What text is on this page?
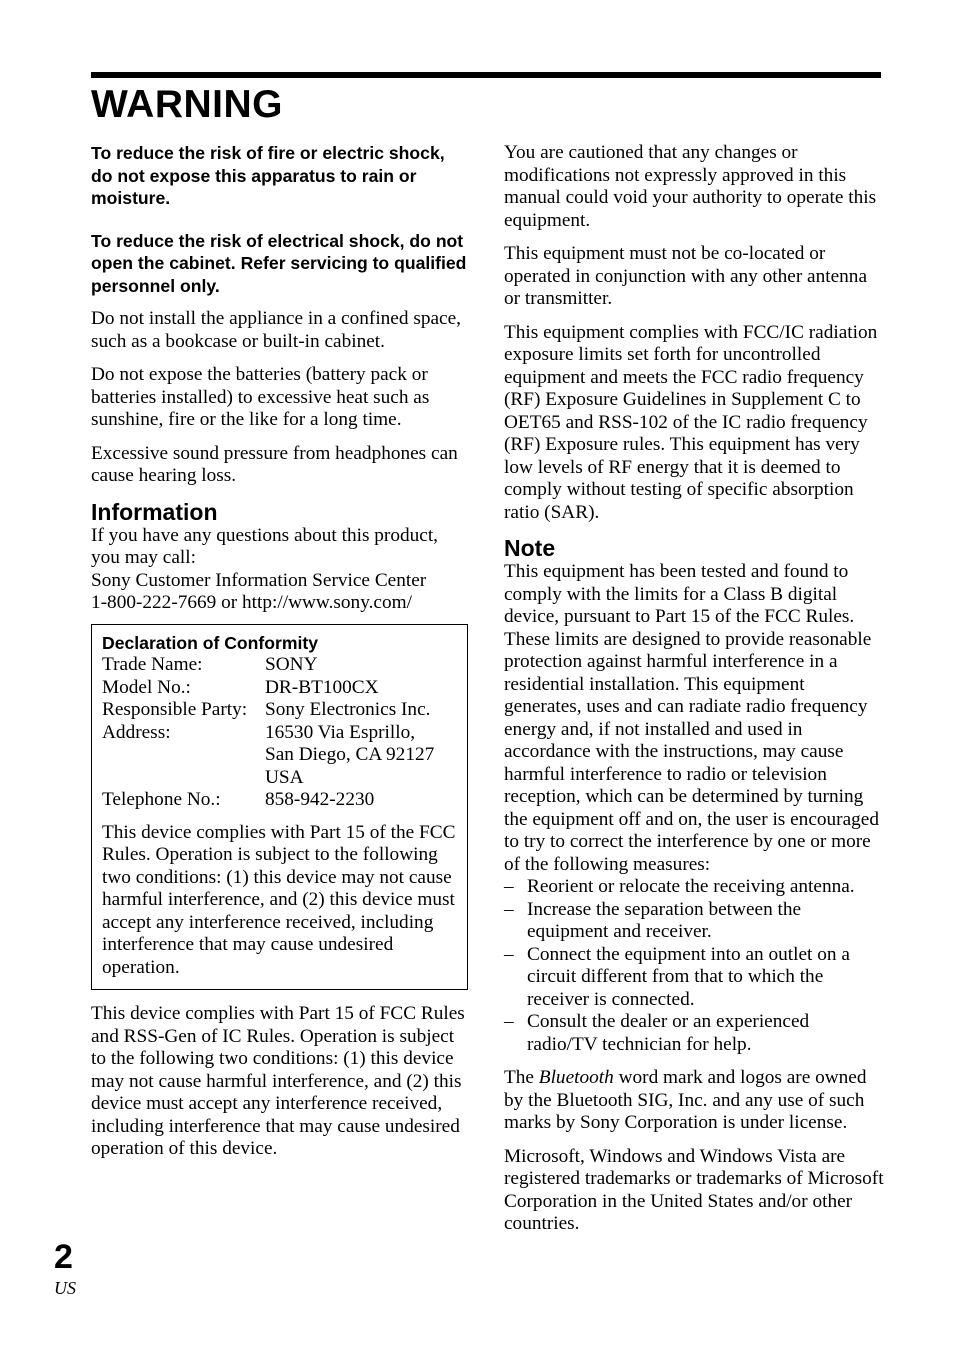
WARNING

To reduce the risk of fire or electric shock, do not expose this apparatus to rain or moisture.

To reduce the risk of electrical shock, do not open the cabinet. Refer servicing to qualified personnel only.

Do not install the appliance in a confined space, such as a bookcase or built-in cabinet.

Do not expose the batteries (battery pack or batteries installed) to excessive heat such as sunshine, fire or the like for a long time.

Excessive sound pressure from headphones can cause hearing loss.

Information

If you have any questions about this product, you may call:

Sony Customer Information Service Center

1-800-222-7669 or http://www.sony.com/

Declaration of Conformity
Trade Name:	SONY
Model No.:	DR-BT100CX
Responsible Party: Sony Electronics Inc.
Address:	16530 Via Esprillo,
San Diego, CA 92127
USA
Telephone No.:	858-942-2230

This device complies with Part 15 of the FCC Rules. Operation is subject to the following two conditions: (1) this device may not cause harmful interference, and (2) this device must accept any interference received, including interference that may cause undesired operation.

This device complies with Part 15 of FCC Rules and RSS-Gen of IC Rules. Operation is subject to the following two conditions: (1) this device may not cause harmful interference, and (2) this device must accept any interference received, including interference that may cause undesired operation of this device.

You are cautioned that any changes or modifications not expressly approved in this manual could void your authority to operate this equipment.

This equipment must not be co-located or operated in conjunction with any other antenna or transmitter.

This equipment complies with FCC/IC radiation exposure limits set forth for uncontrolled equipment and meets the FCC radio frequency (RF) Exposure Guidelines in Supplement C to OET65 and RSS-102 of the IC radio frequency (RF) Exposure rules. This equipment has very low levels of RF energy that it is deemed to comply without testing of specific absorption ratio (SAR).

Note

This equipment has been tested and found to comply with the limits for a Class B digital device, pursuant to Part 15 of the FCC Rules. These limits are designed to provide reasonable protection against harmful interference in a residential installation. This equipment generates, uses and can radiate radio frequency energy and, if not installed and used in accordance with the instructions, may cause harmful interference to radio or television reception, which can be determined by turning the equipment off and on, the user is encouraged to try to correct the interference by one or more of the following measures:

– Reorient or relocate the receiving antenna.
– Increase the separation between the equipment and receiver.
– Connect the equipment into an outlet on a circuit different from that to which the receiver is connected.
– Consult the dealer or an experienced radio/TV technician for help.

The Bluetooth word mark and logos are owned by the Bluetooth SIG, Inc. and any use of such marks by Sony Corporation is under license.

Microsoft, Windows and Windows Vista are registered trademarks or trademarks of Microsoft Corporation in the United States and/or other countries.

2
US
